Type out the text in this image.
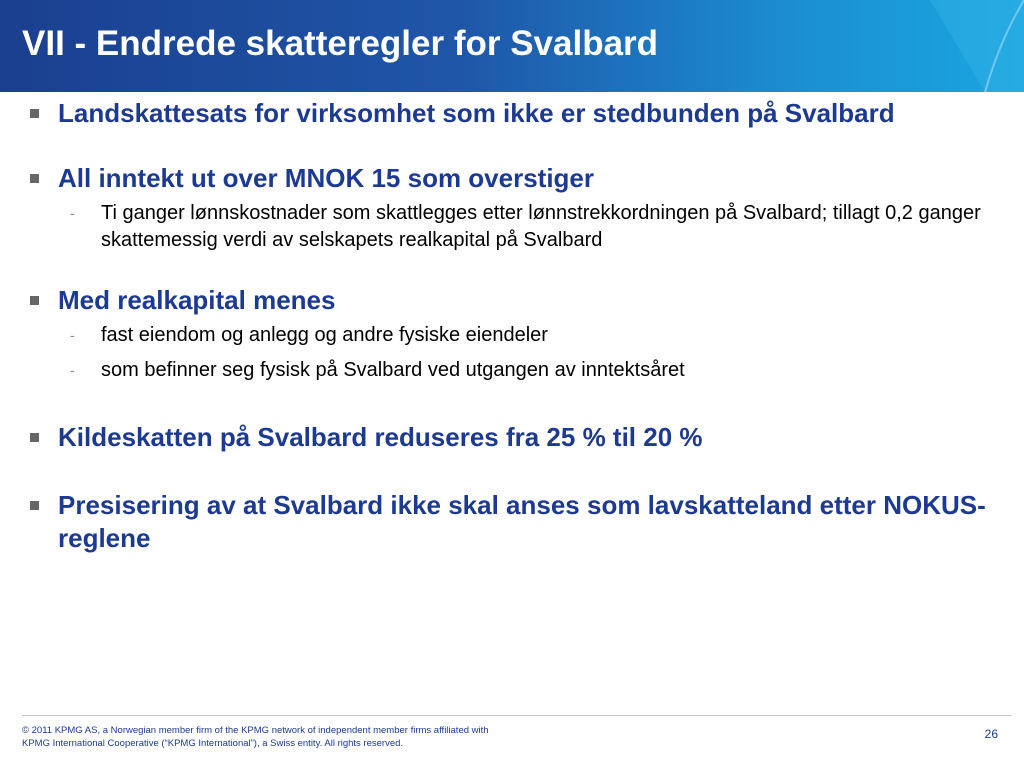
VII - Endrede skatteregler for Svalbard
Landskattesats for virksomhet som ikke er stedbunden på Svalbard
All inntekt ut over MNOK 15 som overstiger
- Ti ganger lønnskostnader som skattlegges etter lønnstrekkordningen på Svalbard; tillagt 0,2 ganger skattemessig verdi av selskapets realkapital på Svalbard
Med realkapital menes
- fast eiendom og anlegg og andre fysiske eiendeler
- som befinner seg fysisk på Svalbard ved utgangen av inntektsåret
Kildeskatten på Svalbard reduseres fra 25 % til 20 %
Presisering av at Svalbard ikke skal anses som lavskatteland etter NOKUS-reglene
© 2011 KPMG AS, a Norwegian member firm of the KPMG network of independent member firms affiliated with
KPMG International Cooperative (“KPMG International”), a Swiss entity. All rights reserved.
26
